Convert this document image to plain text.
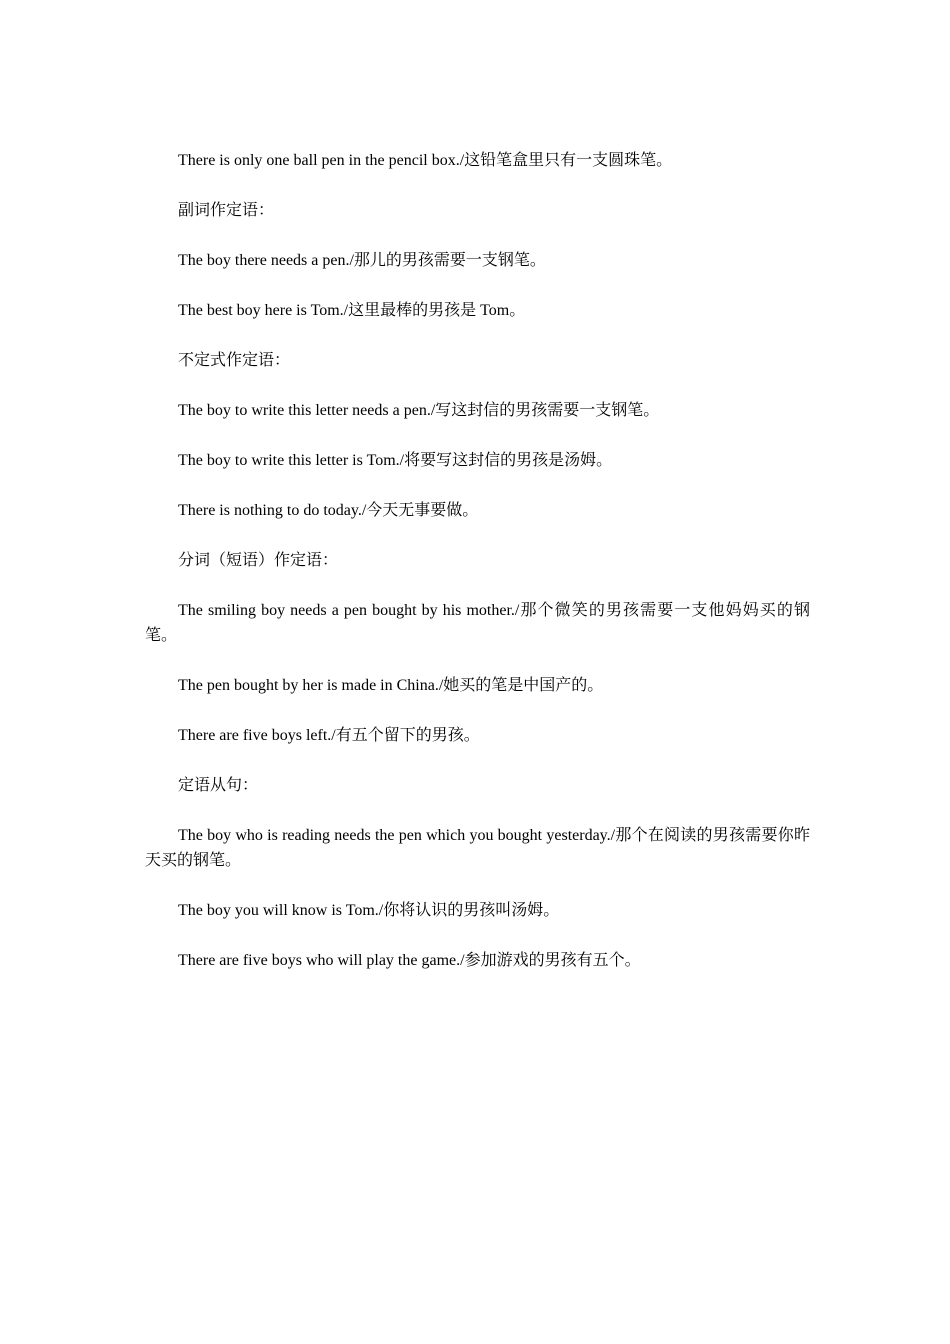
There is only one ball pen in the pencil box./这铅笔盒里只有一支圆珠笔。

副词作定语：

The boy there needs a pen./那儿的男孩需要一支钢笔。

The best boy here is Tom./这里最棒的男孩是 Tom。

不定式作定语：

The boy to write this letter needs a pen./写这封信的男孩需要一支钢笔。

The boy to write this letter is Tom./将要写这封信的男孩是汤姆。

There is nothing to do today./今天无事要做。

分词（短语）作定语：

The smiling boy needs a pen bought by his mother./那个微笑的男孩需要一支他妈妈买的钢笔。

The pen bought by her is made in China./她买的笔是中国产的。

There are five boys left./有五个留下的男孩。

定语从句：

The boy who is reading needs the pen which you bought yesterday./那个在阅读的男孩需要你昨天买的钢笔。

The boy you will know is Tom./你将认识的男孩叫汤姆。

There are five boys who will play the game./参加游戏的男孩有五个。
